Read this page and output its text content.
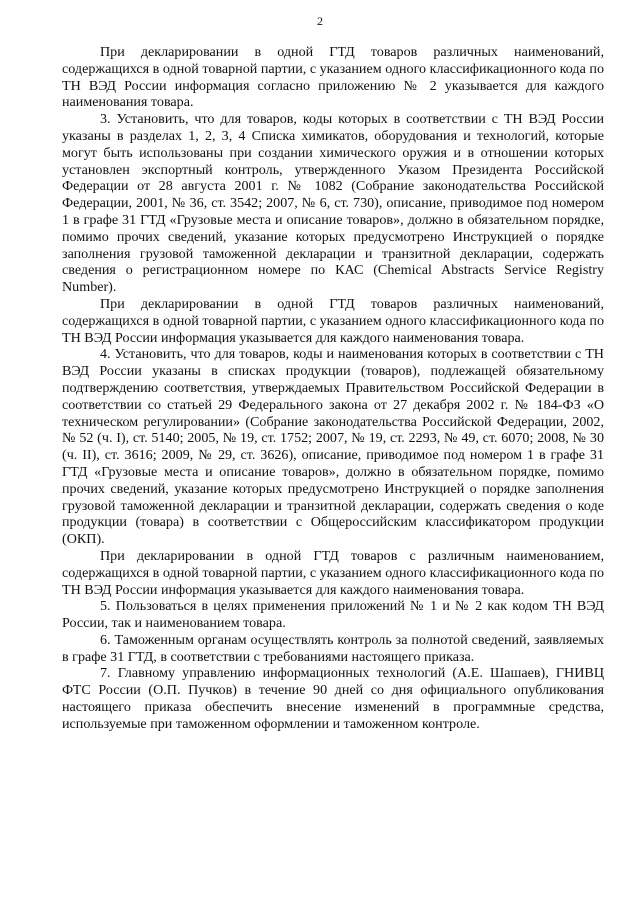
2

При декларировании в одной ГТД товаров различных наименований, содержащихся в одной товарной партии, с указанием одного классификационного кода по ТН ВЭД России информация согласно приложению № 2 указывается для каждого наименования товара.

3. Установить, что для товаров, коды которых в соответствии с ТН ВЭД России указаны в разделах 1, 2, 3, 4 Списка химикатов, оборудования и технологий, которые могут быть использованы при создании химического оружия и в отношении которых установлен экспортный контроль, утвержденного Указом Президента Российской Федерации от 28 августа 2001 г. № 1082 (Собрание законодательства Российской Федерации, 2001, № 36, ст. 3542; 2007, № 6, ст. 730), описание, приводимое под номером 1 в графе 31 ГТД «Грузовые места и описание товаров», должно в обязательном порядке, помимо прочих сведений, указание которых предусмотрено Инструкцией о порядке заполнения грузовой таможенной декларации и транзитной декларации, содержать сведения о регистрационном номере по КАС (Chemical Abstracts Service Registry Number).

При декларировании в одной ГТД товаров различных наименований, содержащихся в одной товарной партии, с указанием одного классификационного кода по ТН ВЭД России информация указывается для каждого наименования товара.

4. Установить, что для товаров, коды и наименования которых в соответствии с ТН ВЭД России указаны в списках продукции (товаров), подлежащей обязательному подтверждению соответствия, утверждаемых Правительством Российской Федерации в соответствии со статьей 29 Федерального закона от 27 декабря 2002 г. № 184-ФЗ «О техническом регулировании» (Собрание законодательства Российской Федерации, 2002, № 52 (ч. I), ст. 5140; 2005, № 19, ст. 1752; 2007, № 19, ст. 2293, № 49, ст. 6070; 2008, № 30 (ч. II), ст. 3616; 2009, № 29, ст. 3626), описание, приводимое под номером 1 в графе 31 ГТД «Грузовые места и описание товаров», должно в обязательном порядке, помимо прочих сведений, указание которых предусмотрено Инструкцией о порядке заполнения грузовой таможенной декларации и транзитной декларации, содержать сведения о коде продукции (товара) в соответствии с Общероссийским классификатором продукции (ОКП).

При декларировании в одной ГТД товаров с различным наименованием, содержащихся в одной товарной партии, с указанием одного классификационного кода по ТН ВЭД России информация указывается для каждого наименования товара.

5. Пользоваться в целях применения приложений № 1 и № 2 как кодом ТН ВЭД России, так и наименованием товара.

6. Таможенным органам осуществлять контроль за полнотой сведений, заявляемых в графе 31 ГТД, в соответствии с требованиями настоящего приказа.

7. Главному управлению информационных технологий (А.Е. Шашаев), ГНИВЦ ФТС России (О.П. Пучков) в течение 90 дней со дня официального опубликования настоящего приказа обеспечить внесение изменений в программные средства, используемые при таможенном оформлении и таможенном контроле.
